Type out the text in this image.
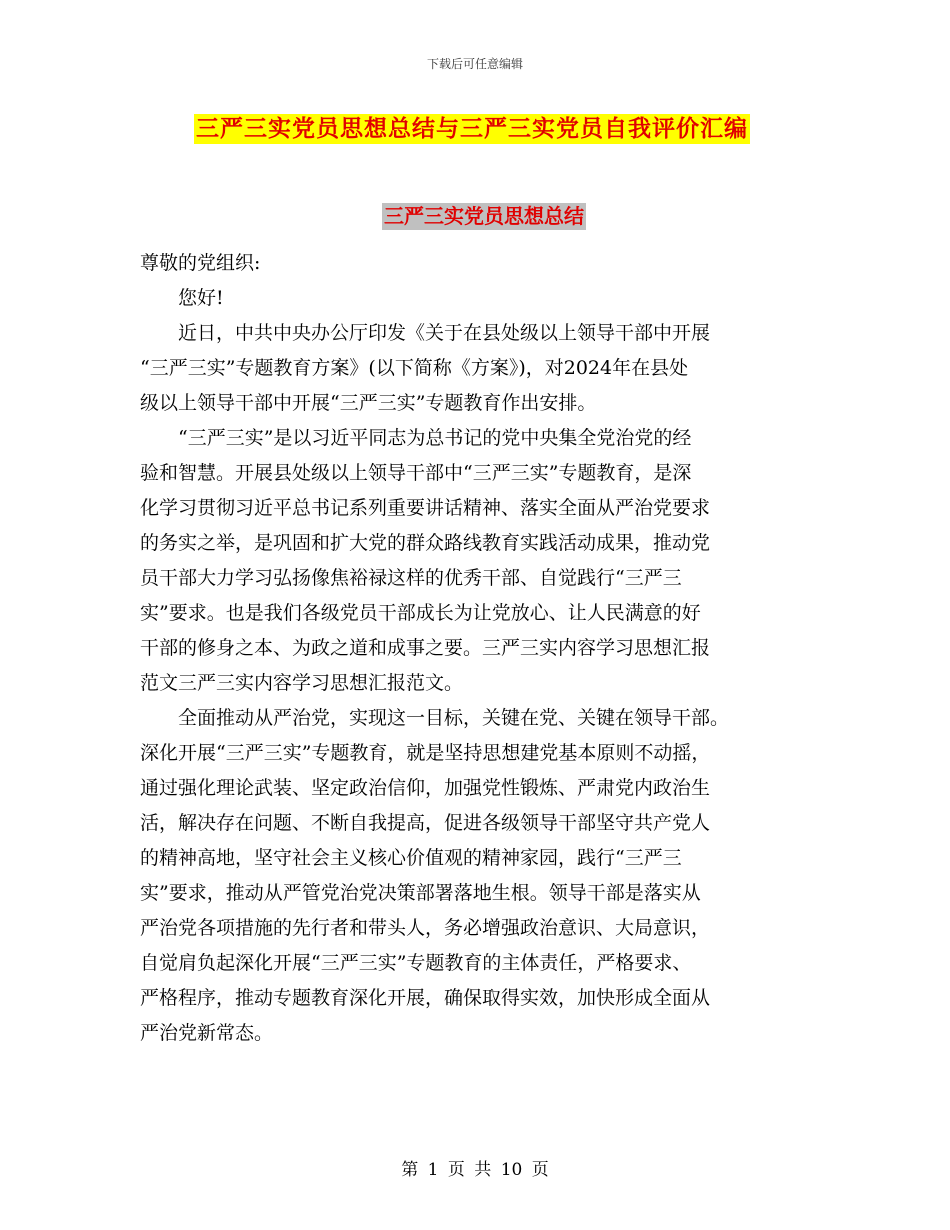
下载后可任意编辑
三严三实党员思想总结与三严三实党员自我评价汇编
三严三实党员思想总结

尊敬的党组织:

　　您好!

　　近日，中共中央办公厅印发《关于在县处级以上领导干部中开展

“三严三实”专题教育方案》(以下简称《方案》)，对2024年在县处

级以上领导干部中开展“三严三实”专题教育作出安排。

　　“三严三实”是以习近平同志为总书记的党中央集全党治党的经

验和智慧。开展县处级以上领导干部中“三严三实”专题教育，是深

化学习贯彻习近平总书记系列重要讲话精神、落实全面从严治党要求

的务实之举，是巩固和扩大党的群众路线教育实践活动成果，推动党

员干部大力学习弘扬像焦裕禄这样的优秀干部、自觉践行“三严三

实”要求。也是我们各级党员干部成长为让党放心、让人民满意的好

干部的修身之本、为政之道和成事之要。三严三实内容学习思想汇报

范文三严三实内容学习思想汇报范文。

　　全面推动从严治党，实现这一目标，关键在党、关键在领导干部。

深化开展“三严三实”专题教育，就是坚持思想建党基本原则不动摇，

通过强化理论武装、坚定政治信仰，加强党性锻炼、严肃党内政治生

活，解决存在问题、不断自我提高，促进各级领导干部坚守共产党人

的精神高地，坚守社会主义核心价值观的精神家园，践行“三严三

实”要求，推动从严管党治党决策部署落地生根。领导干部是落实从

严治党各项措施的先行者和带头人，务必增强政治意识、大局意识，

自觉肩负起深化开展“三严三实”专题教育的主体责任，严格要求、

严格程序，推动专题教育深化开展，确保取得实效，加快形成全面从

严治党新常态。

第 1 页 共 10 页
